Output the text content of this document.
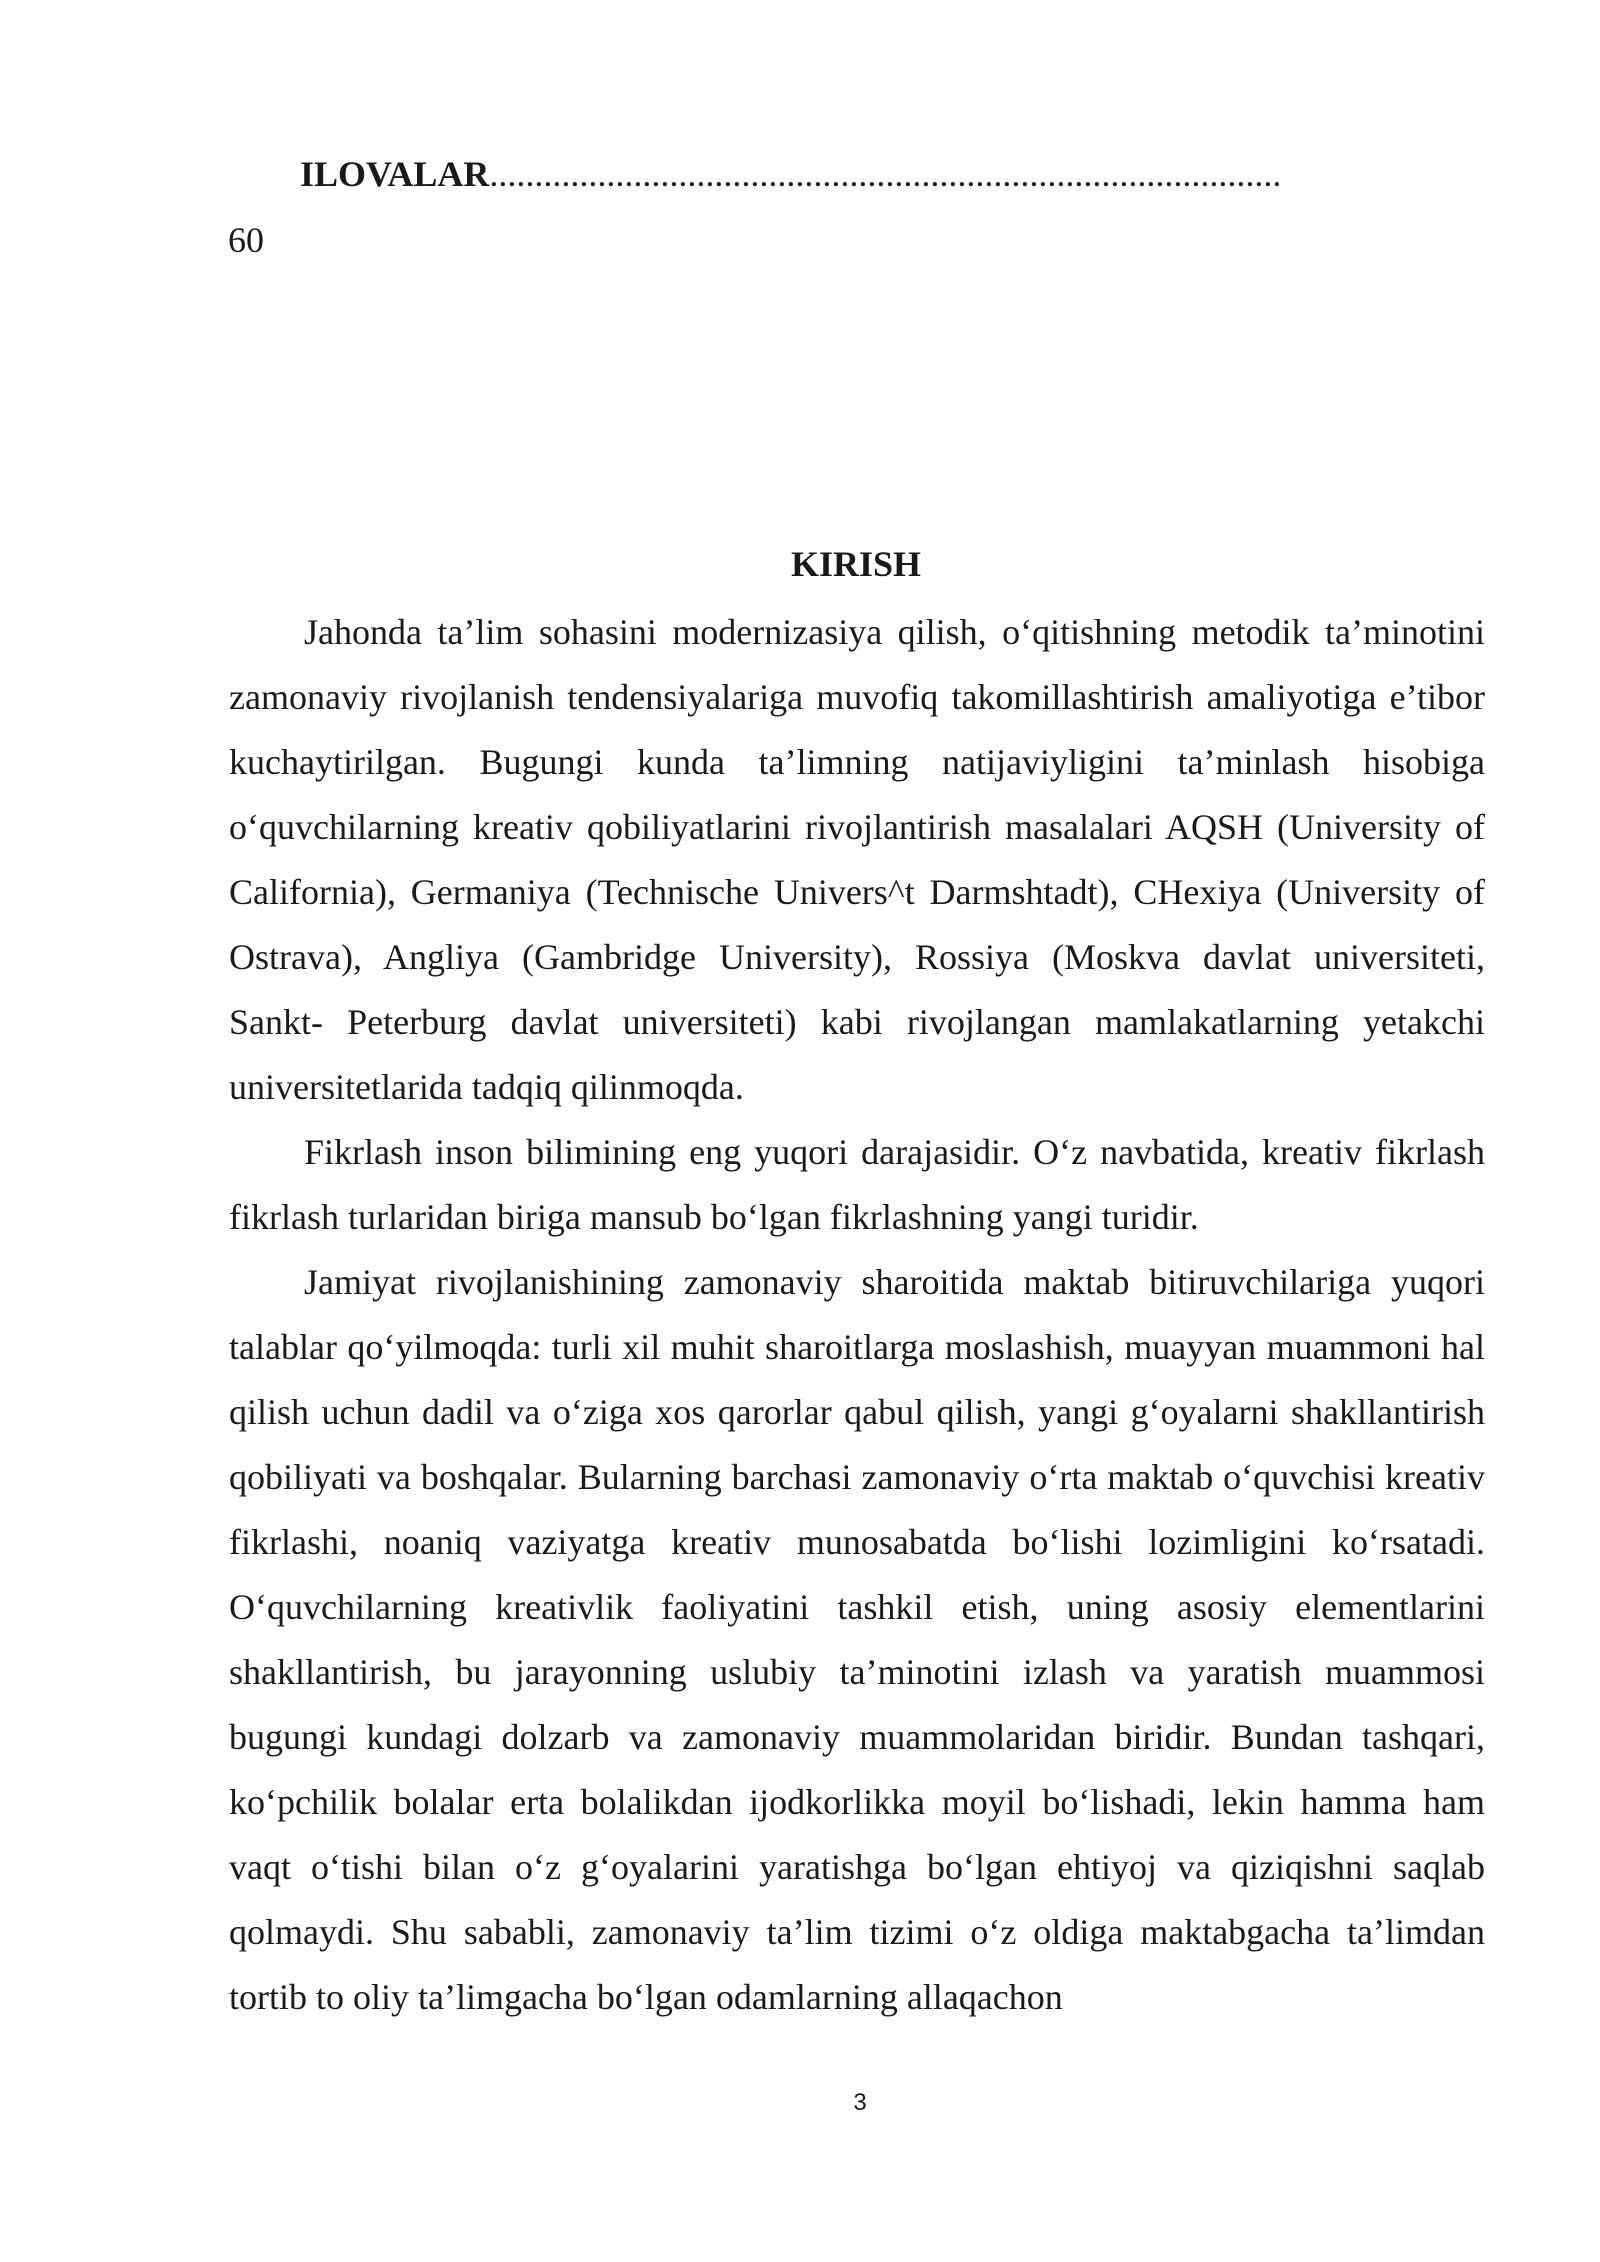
ILOVALAR........................................................................................
60
KIRISH

Jahonda ta’lim sohasini modernizasiya qilish, o‘qitishning metodik ta’minotini zamonaviy rivojlanish tendensiyalariga muvofiq takomillashtirish amaliyotiga e’tibor kuchaytirilgan. Bugungi kunda ta’limning natijaviyligini ta’minlash hisobiga o‘quvchilarning kreativ qobiliyatlarini rivojlantirish masalalari AQSH (University of California), Germaniya (Technische Univers^t Darmshtadt), CHexiya (University of Ostrava), Angliya (Gambridge University), Rossiya (Moskva davlat universiteti, Sankt- Peterburg davlat universiteti) kabi rivojlangan mamlakatlarning yetakchi universitetlarida tadqiq qilinmoqda.

Fikrlash inson bilimining eng yuqori darajasidir. O‘z navbatida, kreativ fikrlash fikrlash turlaridan biriga mansub bo‘lgan fikrlashning yangi turidir.

Jamiyat rivojlanishining zamonaviy sharoitida maktab bitiruvchilariga yuqori talablar qo‘yilmoqda: turli xil muhit sharoitlarga moslashish, muayyan muammoni hal qilish uchun dadil va o‘ziga xos qarorlar qabul qilish, yangi g‘oyalarni shakllantirish qobiliyati va boshqalar. Bularning barchasi zamonaviy o‘rta maktab o‘quvchisi kreativ fikrlashi, noaniq vaziyatga kreativ munosabatda bo‘lishi lozimligini ko‘rsatadi. O‘quvchilarning kreativlik faoliyatini tashkil etish, uning asosiy elementlarini shakllantirish, bu jarayonning uslubiy ta’minotini izlash va yaratish muammosi bugungi kundagi dolzarb va zamonaviy muammolaridan biridir. Bundan tashqari, ko‘pchilik bolalar erta bolalikdan ijodkorlikka moyil bo‘lishadi, lekin hamma ham vaqt o‘tishi bilan o‘z g‘oyalarini yaratishga bo‘lgan ehtiyoj va qiziqishni saqlab qolmaydi. Shu sababli, zamonaviy ta’lim tizimi o‘z oldiga maktabgacha ta’limdan tortib to oliy ta’limgacha bo‘lgan odamlarning allaqachon

3
